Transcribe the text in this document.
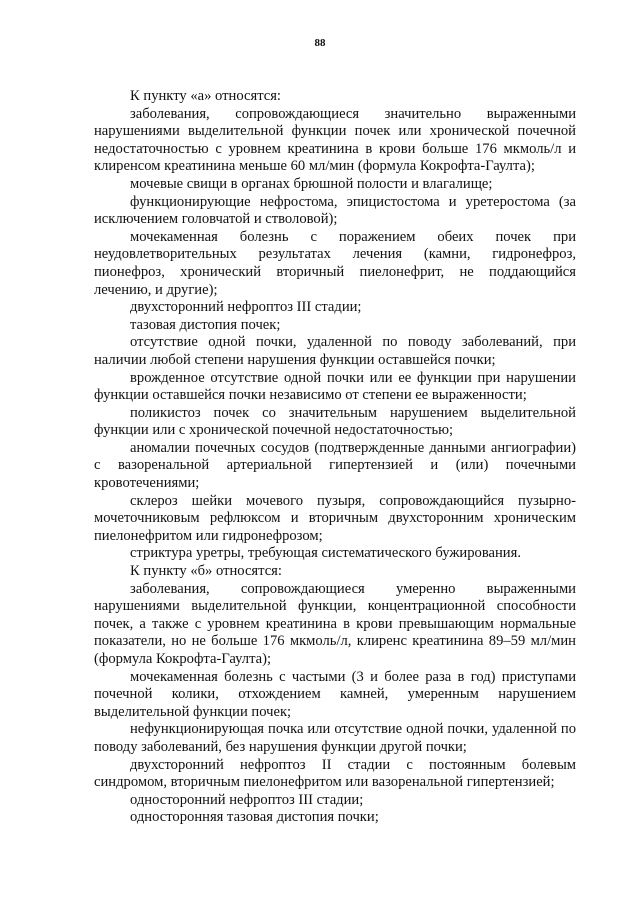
88

К пункту «а» относятся:

заболевания, сопровождающиеся значительно выраженными нарушениями выделительной функции почек или хронической почечной недостаточностью с уровнем креатинина в крови больше 176 мкмоль/л и клиренсом креатинина меньше 60 мл/мин (формула Кокрофта-Гаулта);

мочевые свищи в органах брюшной полости и влагалище;

функционирующие нефростома, эпицистостома и уретеростома (за исключением головчатой и стволовой);

мочекаменная болезнь с поражением обеих почек при неудовлетворительных результатах лечения (камни, гидронефроз, пионефроз, хронический вторичный пиелонефрит, не поддающийся лечению, и другие);

двухсторонний нефроптоз III стадии;

тазовая дистопия почек;

отсутствие одной почки, удаленной по поводу заболеваний, при наличии любой степени нарушения функции оставшейся почки;

врожденное отсутствие одной почки или ее функции при нарушении функции оставшейся почки независимо от степени ее выраженности;

поликистоз почек со значительным нарушением выделительной функции или с хронической почечной недостаточностью;

аномалии почечных сосудов (подтвержденные данными ангиографии) с вазоренальной артериальной гипертензией и (или) почечными кровотечениями;

склероз шейки мочевого пузыря, сопровождающийся пузырно-мочеточниковым рефлюксом и вторичным двухсторонним хроническим пиелонефритом или гидронефрозом;

стриктура уретры, требующая систематического бужирования.

К пункту «б» относятся:

заболевания, сопровождающиеся умеренно выраженными нарушениями выделительной функции, концентрационной способности почек, а также с уровнем креатинина в крови превышающим нормальные показатели, но не больше 176 мкмоль/л, клиренс креатинина 89–59 мл/мин (формула Кокрофта-Гаулта);

мочекаменная болезнь с частыми (3 и более раза в год) приступами почечной колики, отхождением камней, умеренным нарушением выделительной функции почек;

нефункционирующая почка или отсутствие одной почки, удаленной по поводу заболеваний, без нарушения функции другой почки;

двухсторонний нефроптоз II стадии с постоянным болевым синдромом, вторичным пиелонефритом или вазоренальной гипертензией;

односторонний нефроптоз III стадии;

односторонняя тазовая дистопия почки;
